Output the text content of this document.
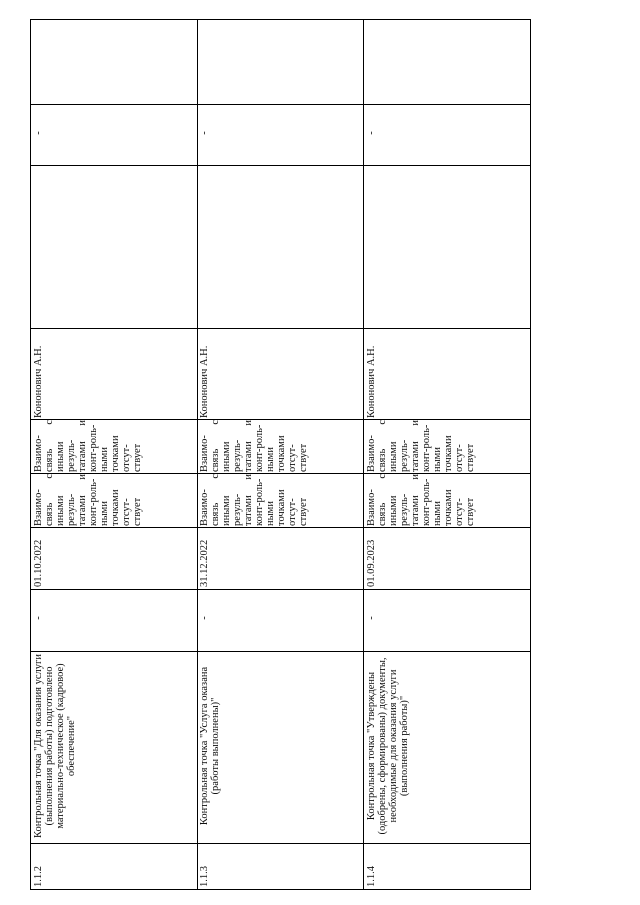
1.1.2
Контрольная точка "Для оказания услуги (выполнения работы) подготовлено материально-техническое (кадровое) обеспечение"
-
01.10.2022
Взаимо-связь с иными резуль-татами и конт-роль-ными точками отсут-ствует
Взаимо-связь с иными резуль-татами и конт-роль-ными точками отсут-ствует
Кононович А.Н.
-
1.1.3
Контрольная точка "Услуга оказана (работы выполнены)"
-
31.12.2022
Взаимо-связь с иными резуль-татами и конт-роль-ными точками отсут-ствует
Взаимо-связь с иными резуль-татами и конт-роль-ными точками отсут-ствует
Кононович А.Н.
-
1.1.4
Контрольная точка "Утверждены (одобрены, сформированы) документы, необходимые для оказания услуги (выполнения работы)"
-
01.09.2023
Взаимо-связь с иными резуль-татами и конт-роль-ными точками отсут-ствует
Взаимо-связь с иными резуль-татами и конт-роль-ными точками отсут-ствует
Кононович А.Н.
-
